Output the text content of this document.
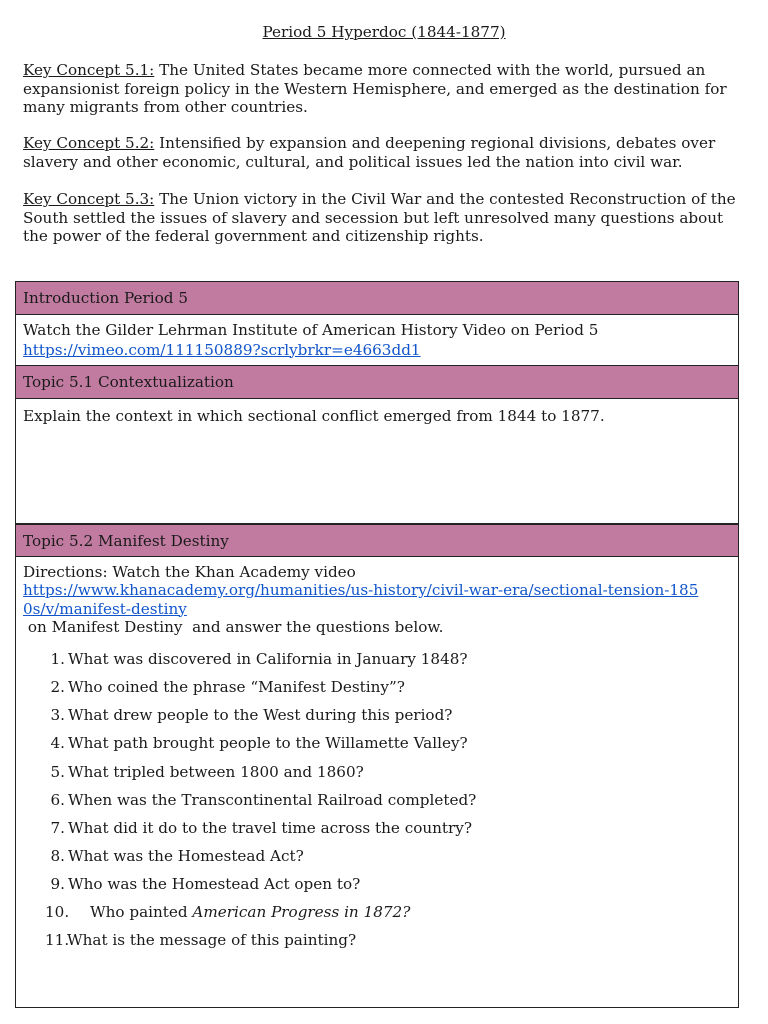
Period 5 Hyperdoc (1844-1877)
Key Concept 5.1: The United States became more connected with the world, pursued an expansionist foreign policy in the Western Hemisphere, and emerged as the destination for many migrants from other countries.
Key Concept 5.2: Intensified by expansion and deepening regional divisions, debates over slavery and other economic, cultural, and political issues led the nation into civil war.
Key Concept 5.3: The Union victory in the Civil War and the contested Reconstruction of the South settled the issues of slavery and secession but left unresolved many questions about the power of the federal government and citizenship rights.
Introduction Period 5
Watch the Gilder Lehrman Institute of American History Video on Period 5
https://vimeo.com/111150889?scrlybrkr=e4663dd1
Topic 5.1 Contextualization
Explain the context in which sectional conflict emerged from 1844 to 1877.
Topic 5.2 Manifest Destiny
Directions: Watch the Khan Academy video
https://www.khanacademy.org/humanities/us-history/civil-war-era/sectional-tension-185
0s/v/manifest-destiny
on Manifest Destiny  and answer the questions below.
1. What was discovered in California in January 1848?
2. Who coined the phrase “Manifest Destiny”?
3. What drew people to the West during this period?
4. What path brought people to the Willamette Valley?
5. What tripled between 1800 and 1860?
6. When was the Transcontinental Railroad completed?
7. What did it do to the travel time across the country?
8. What was the Homestead Act?
9. Who was the Homestead Act open to?
10.	Who painted American Progress in 1872?
11.
What is the message of this painting?
